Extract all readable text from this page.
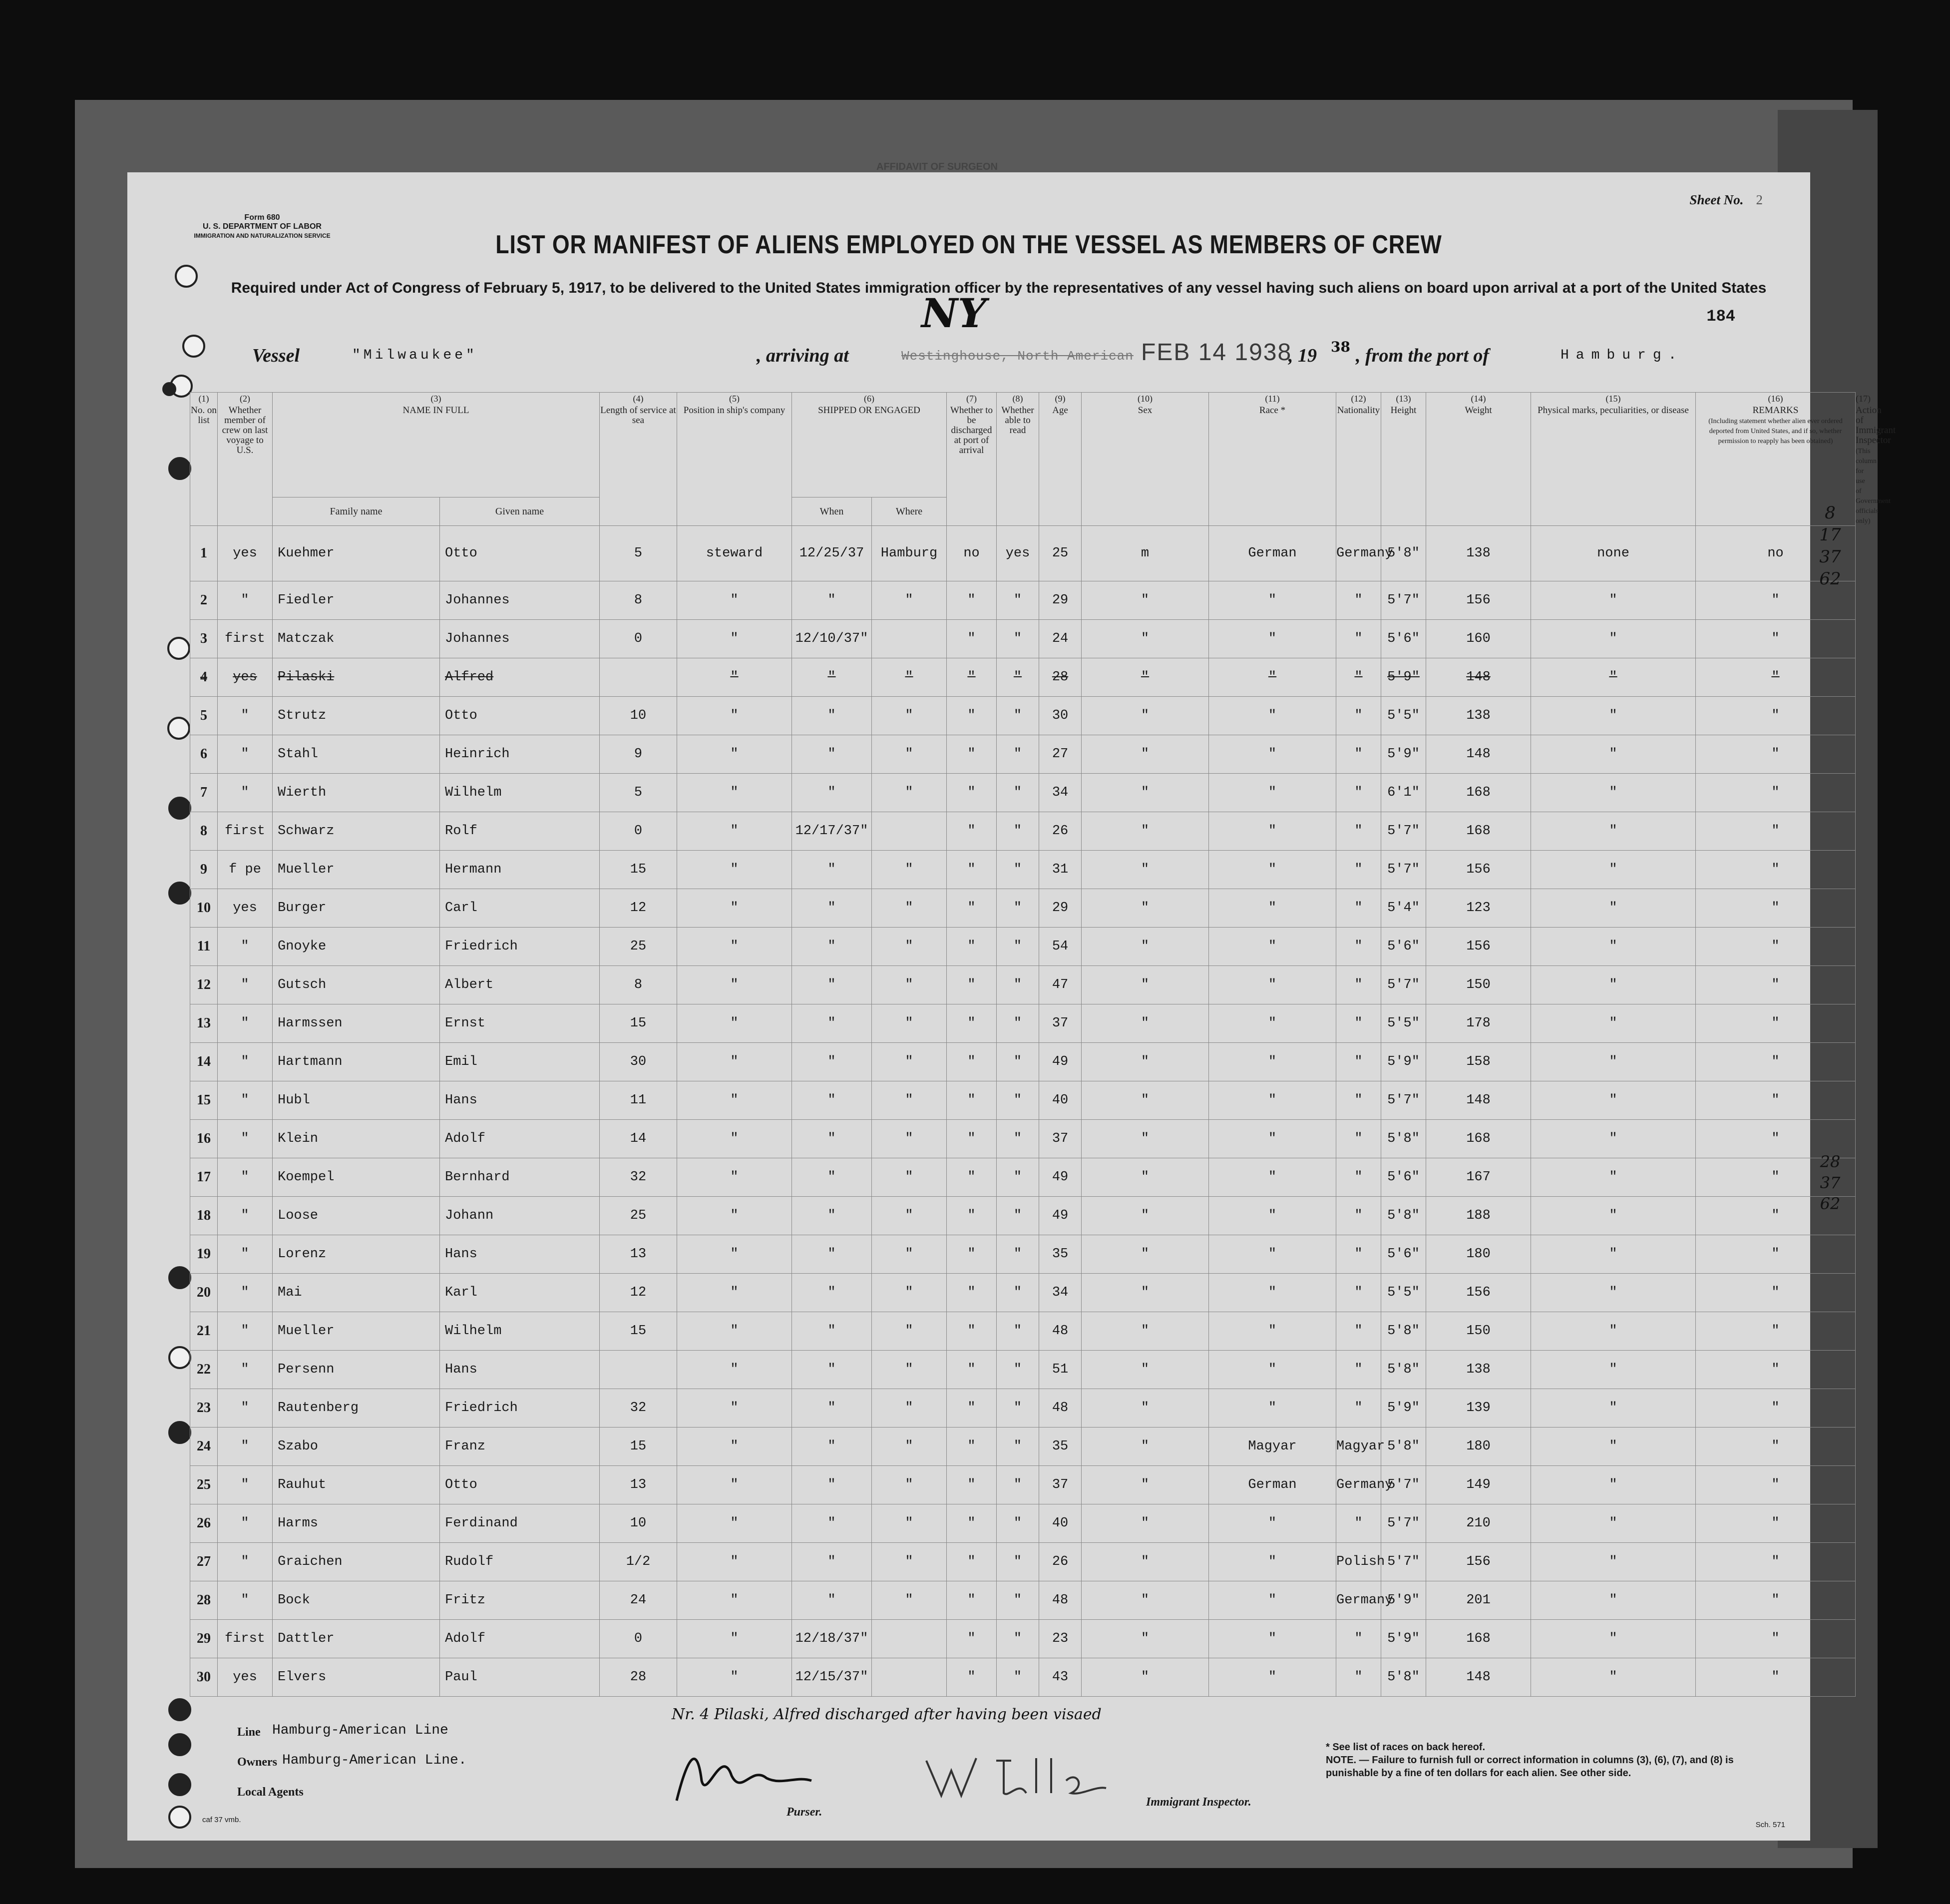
AFFIDAVIT OF SURGEON
Form 680
U. S. DEPARTMENT OF LABOR
IMMIGRATION AND NATURALIZATION SERVICE
Sheet No. 2
LIST OR MANIFEST OF ALIENS EMPLOYED ON THE VESSEL AS MEMBERS OF CREW
Required under Act of Congress of February 5, 1917, to be delivered to the United States immigration officer by the representatives of any vessel having such aliens on board upon arrival at a port of the United States
184
Vessel	"Milwaukee"	, arriving at	Westinghouse, North American
NY
FEB 14 1938
, 19 38 , from the port of	Hamburg.
(1)
No. on list	(2)
Whether member of crew on last voyage to U.S.	(3)
NAME IN FULL		(4)
Length of service at sea	(5)
Position in ship's company	(6)
SHIPPED OR ENGAGED		(7)
Whether to be discharged at port of arrival	(8)
Whether able to read	(9)
Age	(10)
Sex	(11)
Race *	(12)
Nationality	(13)
Height	(14)
Weight	(15)
Physical marks, peculiarities, or disease	(16)
REMARKS
(Including statement whether alien ever ordered deported from United States, and if so, whether permission to reapply has been obtained)	Action of Immigrant Inspector
(This column for use of Government officials only)
		Family name	Given name			When	Where											
1	yes	Kuehmer	Otto	5	steward	12/25/37	Hamburg	no	yes	25	m	German	Germany	5'8"	138	none	no	
2	"	Fiedler	Johannes	8	"	"	"	"	"	29	"	"	"	5'7"	156	"	"	
3	first	Matczak	Johannes	0	"	12/10/37"		"	"	24	"	"	"	5'6"	160	"	"	
4	yes	Pilaski	Alfred		"	"	"	"	"	28	"	"	"	5'9"	148	"	"	
5	"	Strutz	Otto	10	"	"	"	"	"	30	"	"	"	5'5"	138	"	"	
6	"	Stahl	Heinrich	9	"	"	"	"	"	27	"	"	"	5'9"	148	"	"	
7	"	Wierth	Wilhelm	5	"	"	"	"	"	34	"	"	"	6'1"	168	"	"	
8	first	Schwarz	Rolf	0	"	12/17/37"		"	"	26	"	"	"	5'7"	168	"	"	
9	f pe	Mueller	Hermann	15	"	"	"	"	"	31	"	"	"	5'7"	156	"	"	
10	yes	Burger	Carl	12	"	"	"	"	"	29	"	"	"	5'4"	123	"	"	
11	"	Gnoyke	Friedrich	25	"	"	"	"	"	54	"	"	"	5'6"	156	"	"	
12	"	Gutsch	Albert	8	"	"	"	"	"	47	"	"	"	5'7"	150	"	"	
13	"	Harmssen	Ernst	15	"	"	"	"	"	37	"	"	"	5'5"	178	"	"	
14	"	Hartmann	Emil	30	"	"	"	"	"	49	"	"	"	5'9"	158	"	"	
15	"	Hubl	Hans	11	"	"	"	"	"	40	"	"	"	5'7"	148	"	"	
16	"	Klein	Adolf	14	"	"	"	"	"	37	"	"	"	5'8"	168	"	"	
17	"	Koempel	Bernhard	32	"	"	"	"	"	49	"	"	"	5'6"	167	"	"	
18	"	Loose	Johann	25	"	"	"	"	"	49	"	"	"	5'8"	188	"	"	
19	"	Lorenz	Hans	13	"	"	"	"	"	35	"	"	"	5'6"	180	"	"	
20	"	Mai	Karl	12	"	"	"	"	"	34	"	"	"	5'5"	156	"	"	
21	"	Mueller	Wilhelm	15	"	"	"	"	"	48	"	"	"	5'8"	150	"	"	
22	"	Persenn	Hans		"	"	"	"	"	51	"	"	"	5'8"	138	"	"	
23	"	Rautenberg	Friedrich	32	"	"	"	"	"	48	"	"	"	5'9"	139	"	"	
24	"	Szabo	Franz	15	"	"	"	"	"	35	"	Magyar	Magyar	5'8"	180	"	"	
25	"	Rauhut	Otto	13	"	"	"	"	"	37	"	German	Germany	5'7"	149	"	"	
26	"	Harms	Ferdinand	10	"	"	"	"	"	40	"	"	"	5'7"	210	"	"	
27	"	Graichen	Rudolf	1/2	"	"	"	"	"	26	"	"	Polish	5'7"	156	"	"	
28	"	Bock	Fritz	24	"	"	"	"	"	48	"	"	Germany	5'9"	201	"	"	
29	first	Dattler	Adolf	0	"	12/18/37"		"	"	23	"	"	"	5'9"	168	"	"	
30	yes	Elvers	Paul	28	"	12/15/37"		"	"	43	"	"	"	5'8"	148	"	"	
8
17
37
62
28
37
62
Line Hamburg-American Line
Owners Hamburg-American Line.
Local Agents
Nr. 4 Pilaski, Alfred discharged after having been visaed
Purser.
Immigrant Inspector.
* See list of races on back hereof.
NOTE. — Failure to furnish full or correct information in columns (3), (6), (7), and (8) is punishable by a fine of ten dollars for each alien. See other side.
caf 37 vmb.
Sch. 571
